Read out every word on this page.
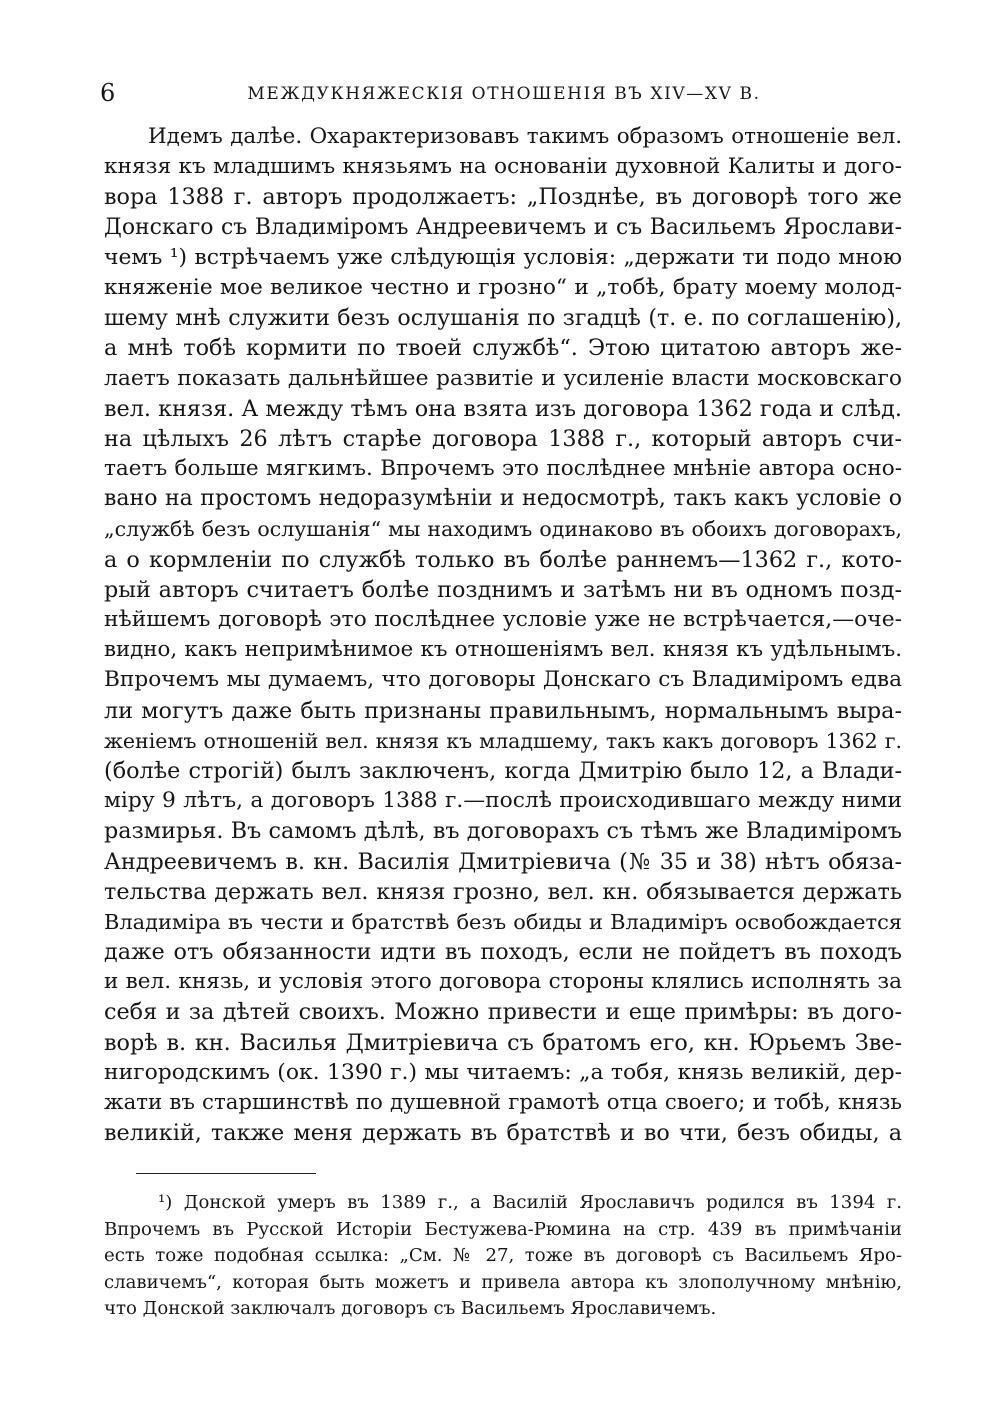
6	МЕЖДУКНЯЖЕСКІЯ ОТНОШЕНІЯ ВЪ XIV—XV В.
Идемъ далѣе. Охарактеризовавъ такимъ образомъ отношеніе вел.
князя къ младшимъ князьямъ на основаніи духовной Калиты и дого-
вора 1388 г. авторъ продолжаетъ: „Позднѣе, въ договорѣ того же
Донскаго съ Владиміромъ Андреевичемъ и съ Васильемъ Ярослави-
чемъ ¹) встрѣчаемъ уже слѣдующія условія: „держати ти подо мною
княженіе мое великое честно и грозно“ и „тобѣ, брату моему молод-
шему мнѣ служити безъ ослушанія по згадцѣ (т. е. по соглашенію),
а мнѣ тобѣ кормити по твоей службѣ“. Этою цитатою авторъ же-
лаетъ показать дальнѣйшее развитіе и усиленіе власти московскаго
вел. князя. А между тѣмъ она взята изъ договора 1362 года и слѣд.
на цѣлыхъ 26 лѣтъ старѣе договора 1388 г., который авторъ счи-
таетъ больше мягкимъ. Впрочемъ это послѣднее мнѣніе автора осно-
вано на простомъ недоразумѣніи и недосмотрѣ, такъ какъ условіе о
„службѣ безъ ослушанія“ мы находимъ одинаково въ обоихъ договорахъ,
а о кормленіи по службѣ только въ болѣе раннемъ—1362 г., кото-
рый авторъ считаетъ болѣе позднимъ и затѣмъ ни въ одномъ позд-
нѣйшемъ договорѣ это послѣднее условіе уже не встрѣчается,—оче-
видно, какъ непримѣнимое къ отношеніямъ вел. князя къ удѣльнымъ.
Впрочемъ мы думаемъ, что договоры Донскаго съ Владиміромъ едва
ли могутъ даже быть признаны правильнымъ, нормальнымъ выра-
женіемъ отношеній вел. князя къ младшему, такъ какъ договоръ 1362 г.
(болѣе строгій) былъ заключенъ, когда Дмитрію было 12, а Влади-
міру 9 лѣтъ, а договоръ 1388 г.—послѣ происходившаго между ними
размирья. Въ самомъ дѣлѣ, въ договорахъ съ тѣмъ же Владиміромъ
Андреевичемъ в. кн. Василія Дмитріевича (№ 35 и 38) нѣтъ обяза-
тельства держать вел. князя грозно, вел. кн. обязывается держать
Владиміра въ чести и братствѣ безъ обиды и Владиміръ освобождается
даже отъ обязанности идти въ походъ, если не пойдетъ въ походъ
и вел. князь, и условія этого договора стороны клялись исполнять за
себя и за дѣтей своихъ. Можно привести и еще примѣры: въ дого-
ворѣ в. кн. Василья Дмитріевича съ братомъ его, кн. Юрьемъ Зве-
нигородскимъ (ок. 1390 г.) мы читаемъ: „а тобя, князь великій, дер-
жати въ старшинствѣ по душевной грамотѣ отца своего; и тобѣ, князь
великій, также меня держать въ братствѣ и во чти, безъ обиды, а
¹) Донской умеръ въ 1389 г., а Василій Ярославичъ родился въ 1394 г.
Впрочемъ въ Русской Исторіи Бестужева-Рюмина на стр. 439 въ примѣчаніи
есть тоже подобная ссылка: „См. № 27, тоже въ договорѣ съ Васильемъ Яро-
славичемъ“, которая быть можетъ и привела автора къ злополучному мнѣнію,
что Донской заключалъ договоръ съ Васильемъ Ярославичемъ.
